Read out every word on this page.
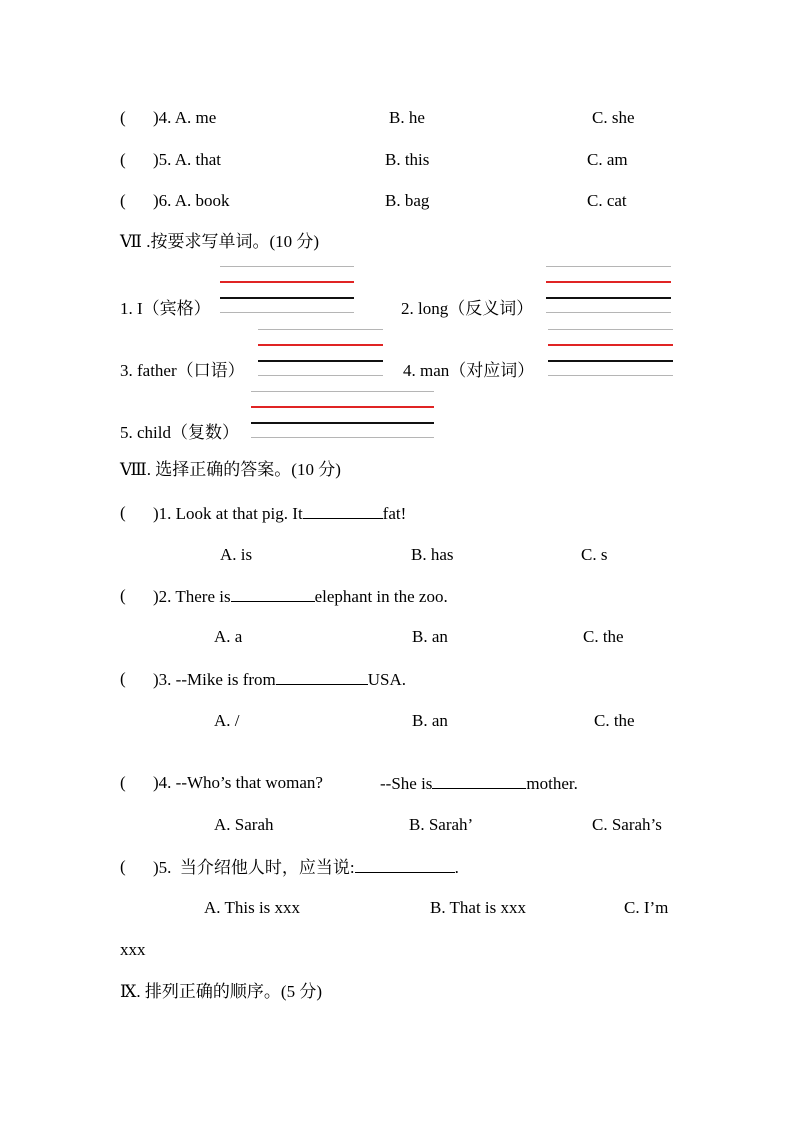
( )4. A. me	B. he	C. she
( )5. A. that	B. this	C. am
( )6. A. book	B. bag	C. cat
Ⅶ .按要求写单词。(10 分)
1. I（宾格）	2. long（反义词）
3. father（口语）	4. man（对应词）
5. child（复数）
Ⅷ. 选择正确的答案。(10 分)
( )1. Look at that pig. It	fat!
A. is	B. has	C. s
( )2. There is	elephant in the zoo.
A. a	B. an	C. the
( )3. --Mike is from	USA.
A. /	B. an	C. the
( )4. --Who’s that woman?	--She is	mother.
A. Sarah	B. Sarah’	C. Sarah’s
( )5.  当介绍他人时，应当说:	.
A. This is xxx	B. That is xxx	C. I’m
xxx
Ⅸ. 排列正确的顺序。(5 分)
